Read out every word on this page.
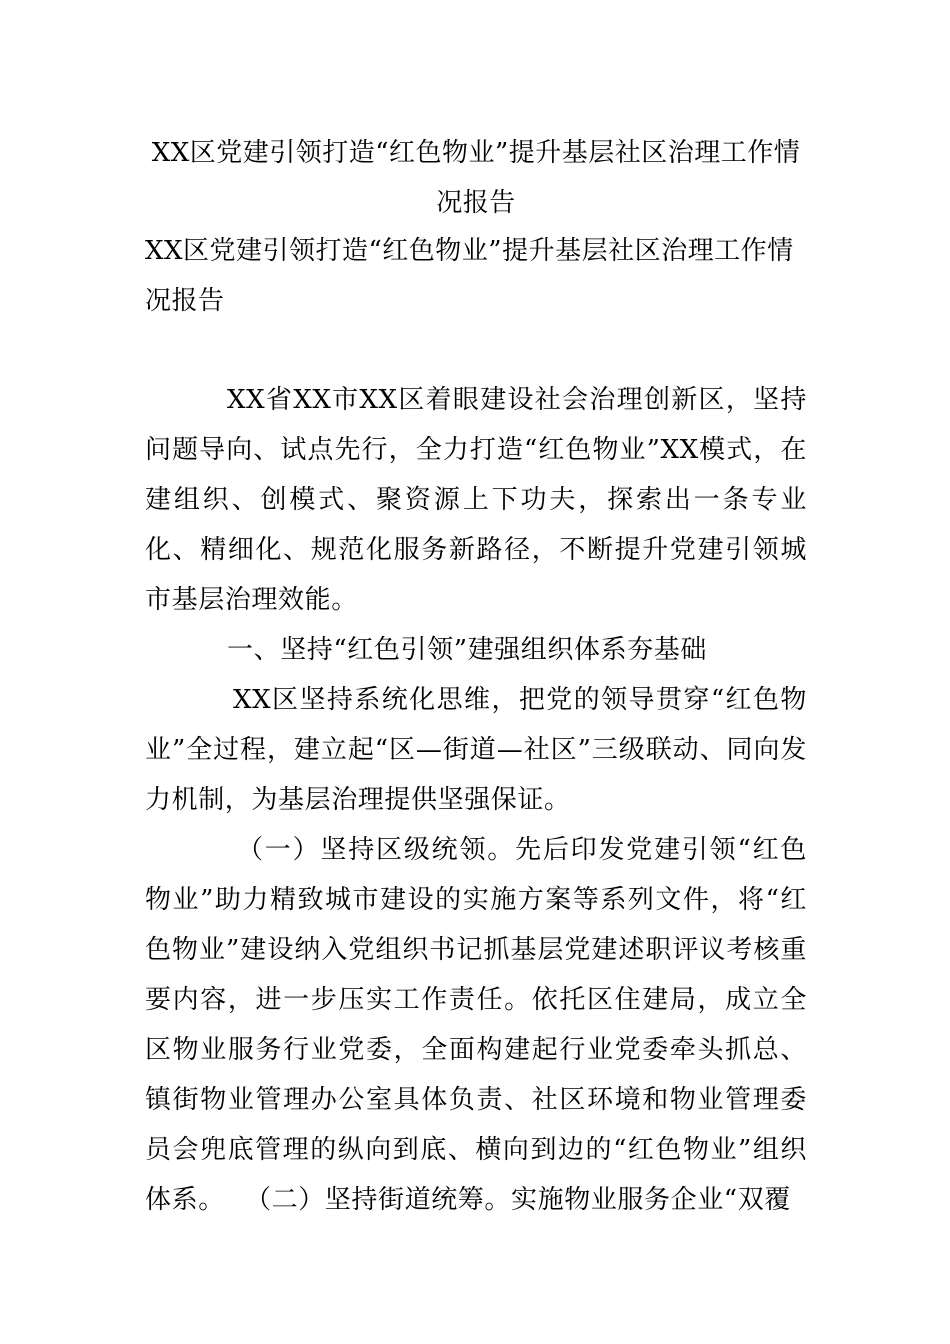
XX区党建引领打造“红色物业”提升基层社区治理工作情况报告
XX区党建引领打造“红色物业”提升基层社区治理工作情况报告
XX省XX市XX区着眼建设社会治理创新区，坚持问题导向、试点先行，全力打造“红色物业”XX模式，在建组织、创模式、聚资源上下功夫，探索出一条专业化、精细化、规范化服务新路径，不断提升党建引领城市基层治理效能。
一、坚持“红色引领”建强组织体系夯基础
XX区坚持系统化思维，把党的领导贯穿“红色物业”全过程，建立起“区—街道—社区”三级联动、同向发力机制，为基层治理提供坚强保证。
（一）坚持区级统领。先后印发党建引领“红色物业”助力精致城市建设的实施方案等系列文件，将“红色物业”建设纳入党组织书记抓基层党建述职评议考核重要内容，进一步压实工作责任。依托区住建局，成立全区物业服务行业党委，全面构建起行业党委牵头抓总、镇街物业管理办公室具体负责、社区环境和物业管理委员会兜底管理的纵向到底、横向到边的“红色物业”组织体系。 （二）坚持街道统筹。实施物业服务企业“双覆
